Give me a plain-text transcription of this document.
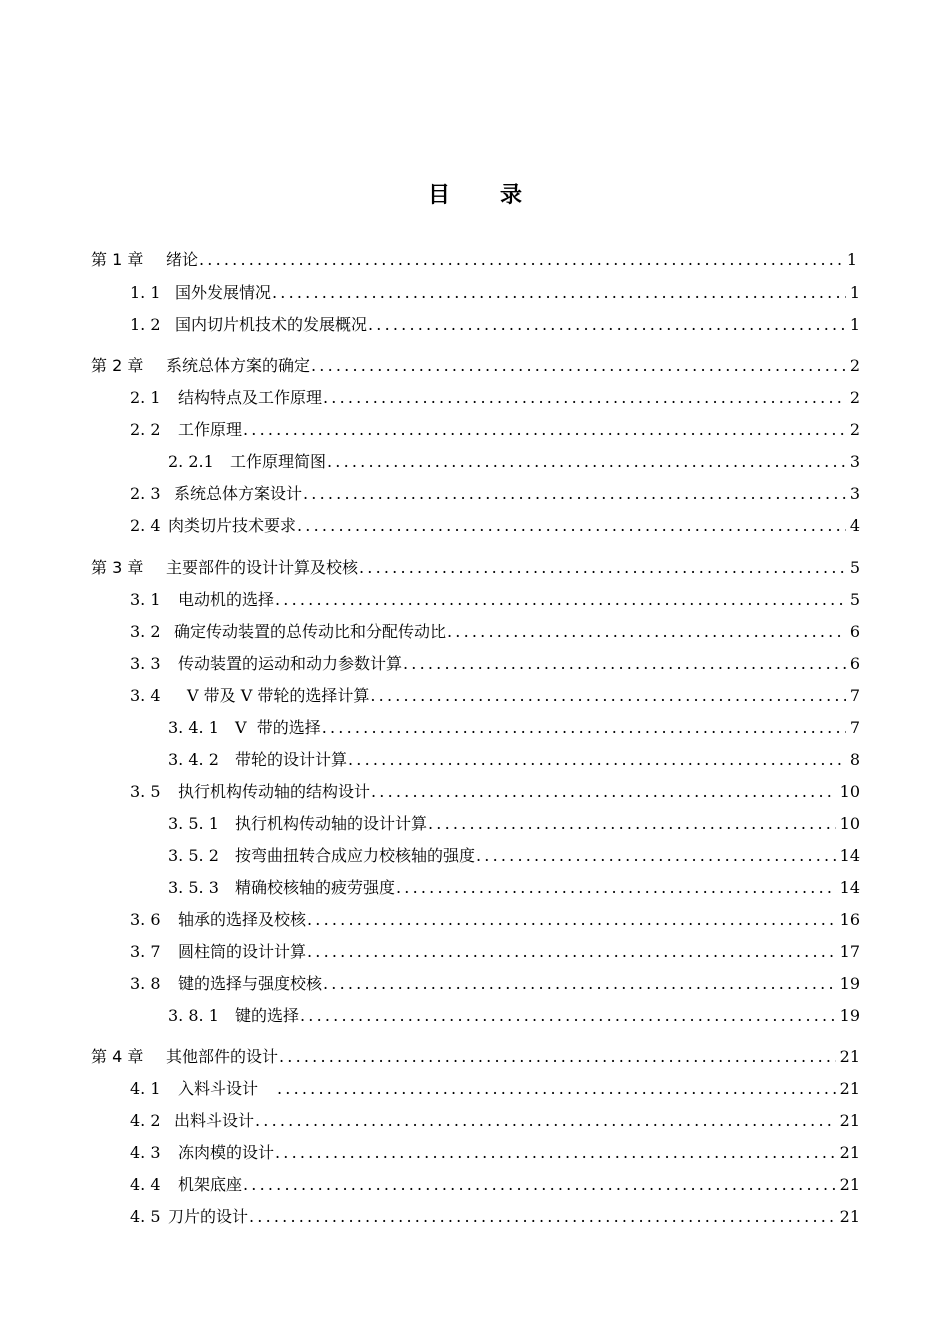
目 录
第 1 章	绪论 .....	1
1. 1 国外发展情况 .....	1
1. 2 国内切片机技术的发展概况 .....	1
第 2 章	系统总体方案的确定 .....	2
2. 1	结构特点及工作原理 .....	2
2. 2	工作原理 .....	2
2. 2.1	工作原理简图 .....	3
2. 3 系统总体方案设计 .....	3
2. 4 肉类切片技术要求 .....	4
第 3 章	主要部件的设计计算及校核 .....	5
3. 1	电动机的选择 .....	5
3. 2 确定传动装置的总传动比和分配传动比 .....	6
3. 3	传动装置的运动和动力参数计算 .....	6
3. 4	V 带及 V 带轮的选择计算 .....	7
3. 4. 1	V  带的选择 .....	7
3. 4. 2	带轮的设计计算 .....	8
3. 5	执行机构传动轴的结构设计 .....	10
3. 5. 1	执行机构传动轴的设计计算 .....	10
3. 5. 2	按弯曲扭转合成应力校核轴的强度 .....	14
3. 5. 3	精确校核轴的疲劳强度 .....	14
3. 6	轴承的选择及校核 .....	16
3. 7	圆柱筒的设计计算 .....	17
3. 8	键的选择与强度校核 .....	19
3. 8. 1	键的选择 .....	19
第 4 章	其他部件的设计 .....	21
4. 1	入料斗设计 .....	21
4. 2 出料斗设计 .....	21
4. 3	冻肉模的设计 .....	21
4. 4	机架底座 .....	21
4. 5 刀片的设计 .....	21
